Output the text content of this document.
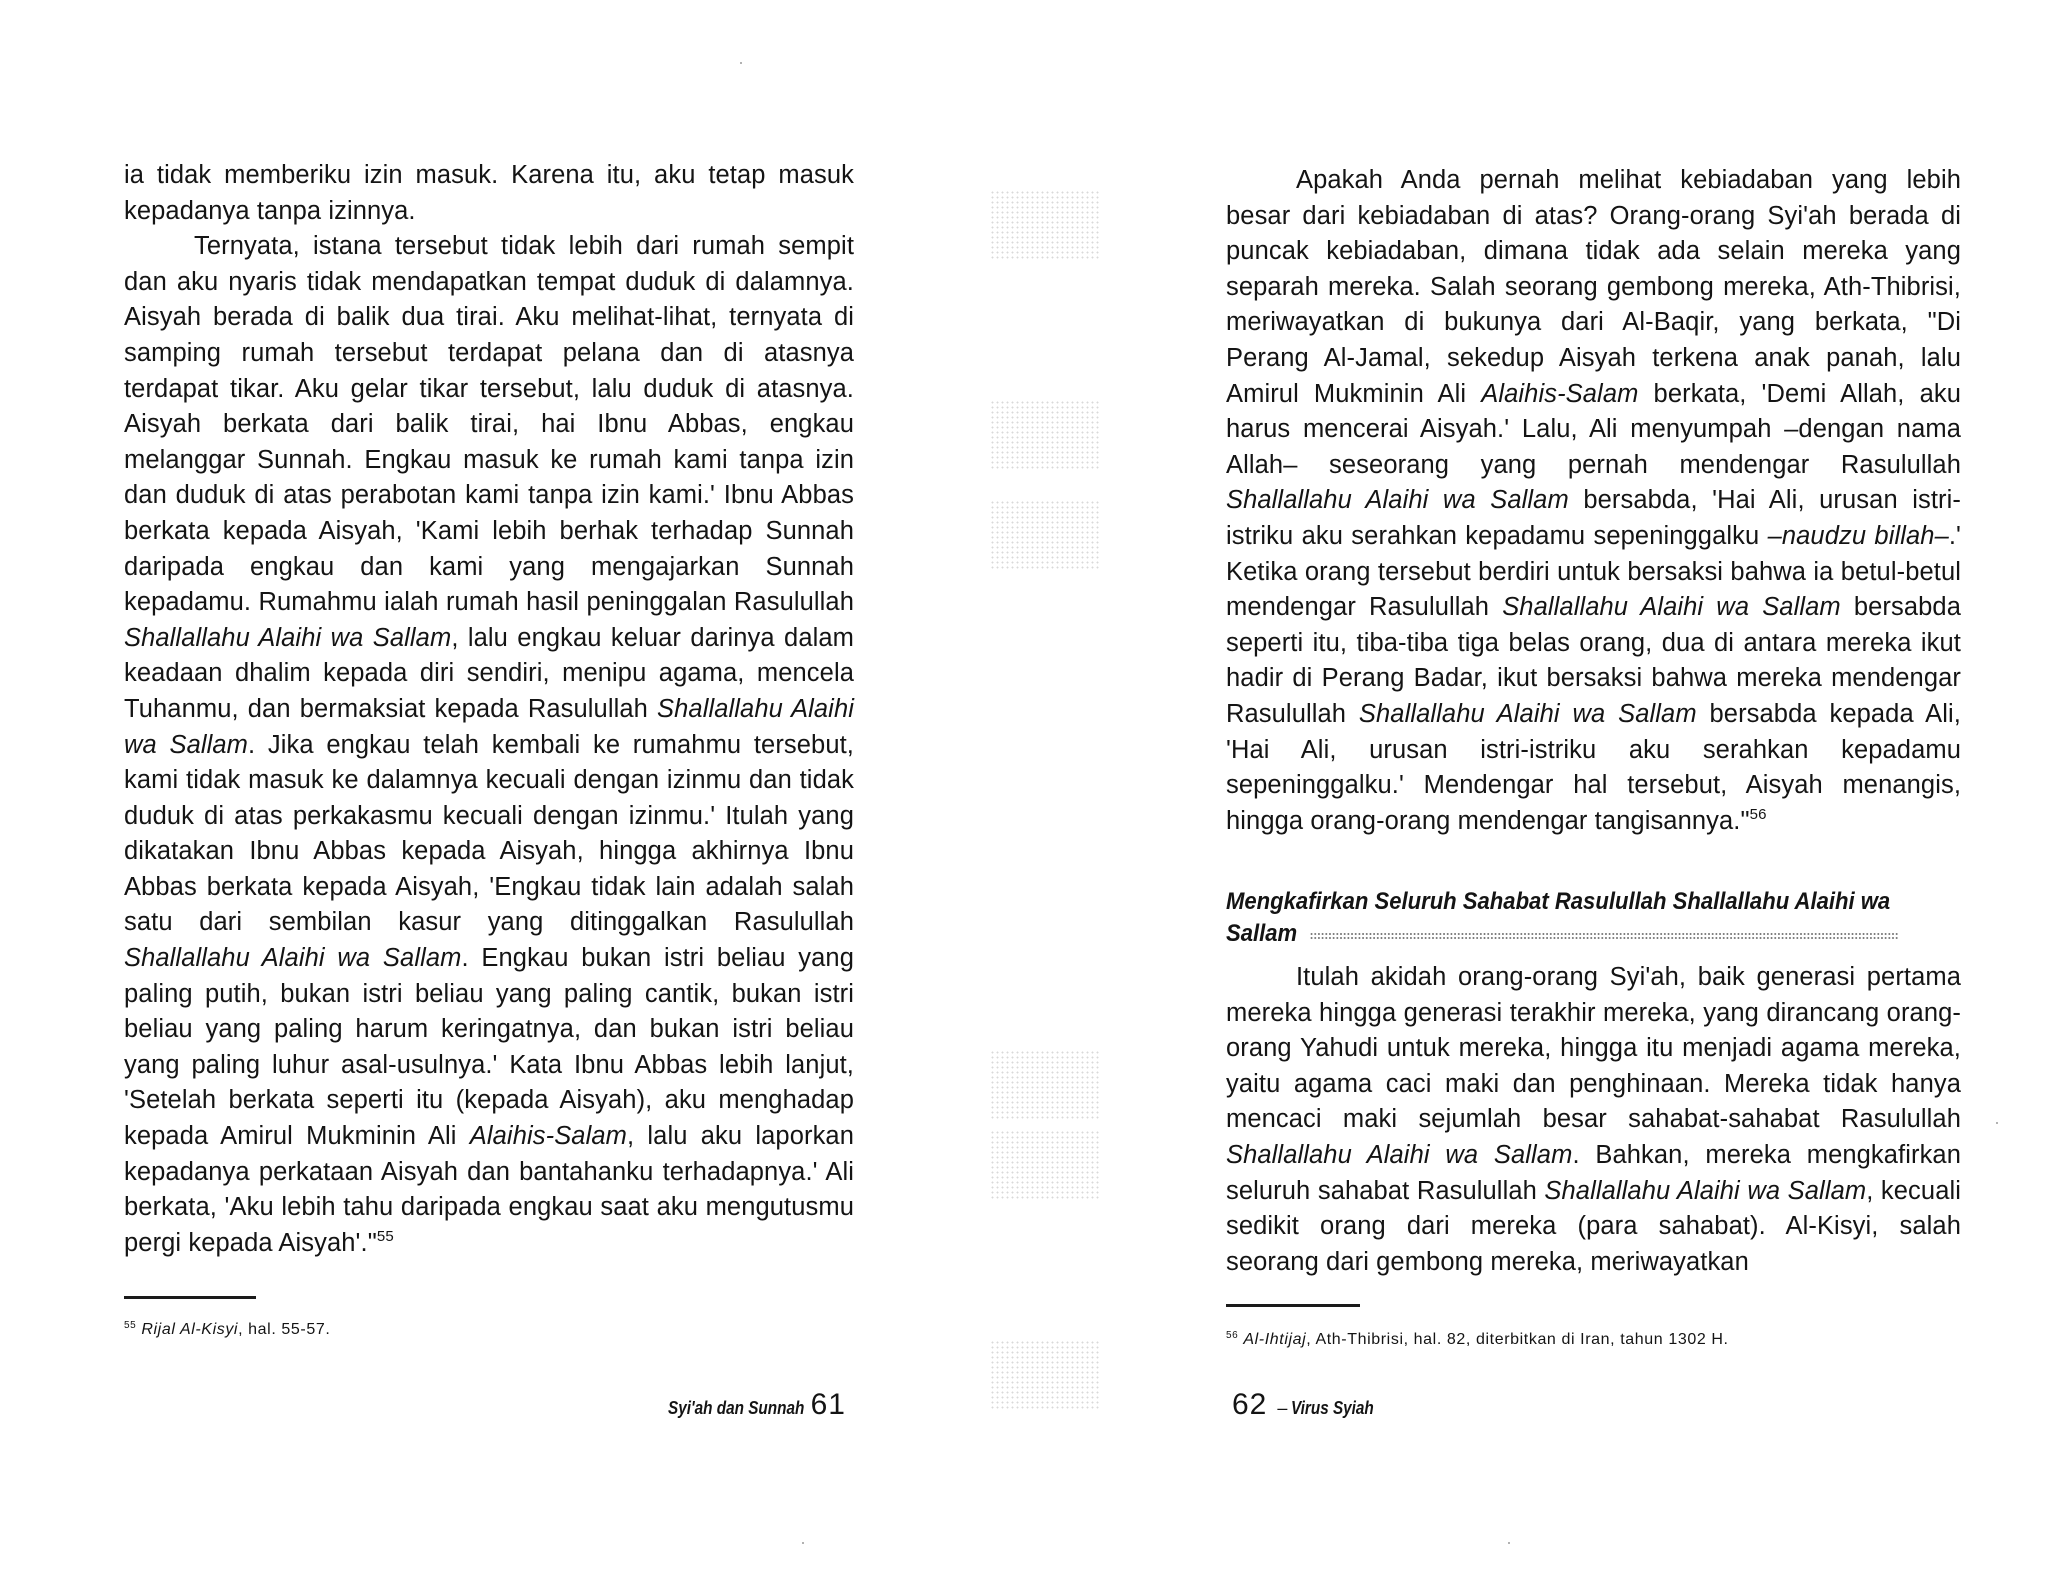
ia tidak memberiku izin masuk. Karena itu, aku tetap masuk kepadanya tanpa izinnya.

Ternyata, istana tersebut tidak lebih dari rumah sempit dan aku nyaris tidak mendapatkan tempat duduk di dalamnya. Aisyah berada di balik dua tirai. Aku melihat-lihat, ternyata di samping rumah tersebut terdapat pelana dan di atasnya terdapat tikar. Aku gelar tikar tersebut, lalu duduk di atasnya. Aisyah berkata dari balik tirai, hai Ibnu Abbas, engkau melanggar Sunnah. Engkau masuk ke rumah kami tanpa izin dan duduk di atas perabotan kami tanpa izin kami.' Ibnu Abbas berkata kepada Aisyah, 'Kami lebih berhak terhadap Sunnah daripada engkau dan kami yang mengajarkan Sunnah kepadamu. Rumahmu ialah rumah hasil peninggalan Rasulullah Shallallahu Alaihi wa Sallam, lalu engkau keluar darinya dalam keadaan dhalim kepada diri sendiri, menipu agama, mencela Tuhanmu, dan bermaksiat kepada Rasulullah Shallallahu Alaihi wa Sallam. Jika engkau telah kembali ke rumahmu tersebut, kami tidak masuk ke dalamnya kecuali dengan izinmu dan tidak duduk di atas perkakasmu kecuali dengan izinmu.' Itulah yang dikatakan Ibnu Abbas kepada Aisyah, hingga akhirnya Ibnu Abbas berkata kepada Aisyah, 'Engkau tidak lain adalah salah satu dari sembilan kasur yang ditinggalkan Rasulullah Shallallahu Alaihi wa Sallam. Engkau bukan istri beliau yang paling putih, bukan istri beliau yang paling cantik, bukan istri beliau yang paling harum keringatnya, dan bukan istri beliau yang paling luhur asal-usulnya.' Kata Ibnu Abbas lebih lanjut, 'Setelah berkata seperti itu (kepada Aisyah), aku menghadap kepada Amirul Mukminin Ali Alaihis-Salam, lalu aku laporkan kepadanya perkataan Aisyah dan bantahanku terhadapnya.' Ali berkata, 'Aku lebih tahu daripada engkau saat aku mengutusmu pergi kepada Aisyah'."$^{55}$

$^{55}$ Rijal Al-Kisyi, hal. 55-57.
Syi'ah dan Sunnah 61

Apakah Anda pernah melihat kebiadaban yang lebih besar dari kebiadaban di atas? Orang-orang Syi'ah berada di puncak kebiadaban, dimana tidak ada selain mereka yang separah mereka. Salah seorang gembong mereka, Ath-Thibrisi, meriwayatkan di bukunya dari Al-Baqir, yang berkata, "Di Perang Al-Jamal, sekedup Aisyah terkena anak panah, lalu Amirul Mukminin Ali Alaihis-Salam berkata, 'Demi Allah, aku harus mencerai Aisyah.' Lalu, Ali menyumpah –dengan nama Allah– seseorang yang pernah mendengar Rasulullah Shallallahu Alaihi wa Sallam bersabda, 'Hai Ali, urusan istri-istriku aku serahkan kepadamu sepeninggalku –naudzu billah–.' Ketika orang tersebut berdiri untuk bersaksi bahwa ia betul-betul mendengar Rasulullah Shallallahu Alaihi wa Sallam bersabda seperti itu, tiba-tiba tiga belas orang, dua di antara mereka ikut hadir di Perang Badar, ikut bersaksi bahwa mereka mendengar Rasulullah Shallallahu Alaihi wa Sallam bersabda kepada Ali, 'Hai Ali, urusan istri-istriku aku serahkan kepadamu sepeninggalku.' Mendengar hal tersebut, Aisyah menangis, hingga orang-orang mendengar tangisannya."$^{56}$

Mengkafirkan Seluruh Sahabat Rasulullah Shallallahu Alaihi wa Sallam

Itulah akidah orang-orang Syi'ah, baik generasi pertama mereka hingga generasi terakhir mereka, yang dirancang orang-orang Yahudi untuk mereka, hingga itu menjadi agama mereka, yaitu agama caci maki dan penghinaan. Mereka tidak hanya mencaci maki sejumlah besar sahabat-sahabat Rasulullah Shallallahu Alaihi wa Sallam. Bahkan, mereka mengkafirkan seluruh sahabat Rasulullah Shallallahu Alaihi wa Sallam, kecuali sedikit orang dari mereka (para sahabat). Al-Kisyi, salah seorang dari gembong mereka, meriwayatkan

$^{56}$ Al-Ihtijaj, Ath-Thibrisi, hal. 82, diterbitkan di Iran, tahun 1302 H.
62 – Virus Syiah
